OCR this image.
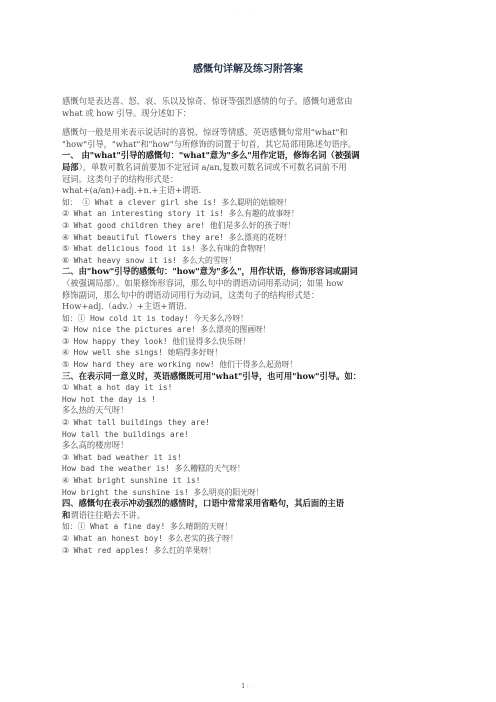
· · · · · ·
感慨句详解及练习附答案
感慨句是表达喜、怒、哀、乐以及惊奇、惊讶等强烈感情的句子。感慨句通常由
what 或 how 引导。现分述如下：
感慨句一般是用来表示说话时的喜悦、惊讶等情感。英语感慨句常用"what"和
"how"引导，"what"和"how"与所修饰的词置于句首，其它局部用陈述句语序。
一、 由"what"引导的感慨句："what"意为"多么"用作定语，修饰名词（被强调
局部），单数可数名词前要加不定冠词 a/an,复数可数名词或不可数名词前不用
冠词。这类句子的结构形式是：
what+(a/an)+adj.+n.+主语+谓语.
如： ① What a clever girl she is! 多么聪明的姑娘呀！
② What an interesting story it is! 多么有趣的故事呀！
③ What good children they are! 他们是多么好的孩子呀！
④ What beautiful flowers they are! 多么漂亮的花呀！
⑤ What delicious food it is! 多么有味的食物呀！
⑥ What heavy snow it is! 多么大的雪呀！
二、由"how"引导的感慨句："how"意为"多么"，用作状语，修饰形容词或副词
（被强调局部）。如果修饰形容词，那么句中的谓语动词用系动词；如果 how
修饰副词，那么句中的谓语动词用行为动词，这类句子的结构形式是：
How+adj.（adv.）+主语+谓语.
如：① How cold it is today! 今天多么冷呀！
② How nice the pictures are! 多么漂亮的图画呀！
③ How happy they look! 他们显得多么快乐呀！
④ How well she sings! 她唱得多好呀！
⑤ How hard they are working now! 他们干得多么起劲呀！
三、在表示同一意义时，英语感慨既可用"what"引导，也可用"how"引导。如：
① What a hot day it is!
How hot the day is !
多么热的天气呀！
② What tall buildings they are!
How tall the buildings are!
多么高的楼房呀！
③ What bad weather it is!
How bad the weather is! 多么糟糕的天气呀！
④ What bright sunshine it is!
How bright the sunshine is! 多么明亮的阳光呀！
四、感慨句在表示冲动强烈的感情时，口语中常常采用省略句，其后面的主语
和谓语往往略去不讲。
如：① What a fine day! 多么晴朗的天呀！
② What an honest boy! 多么老实的孩子呀！
③ What red apples! 多么红的苹果呀！
1 / · ·
